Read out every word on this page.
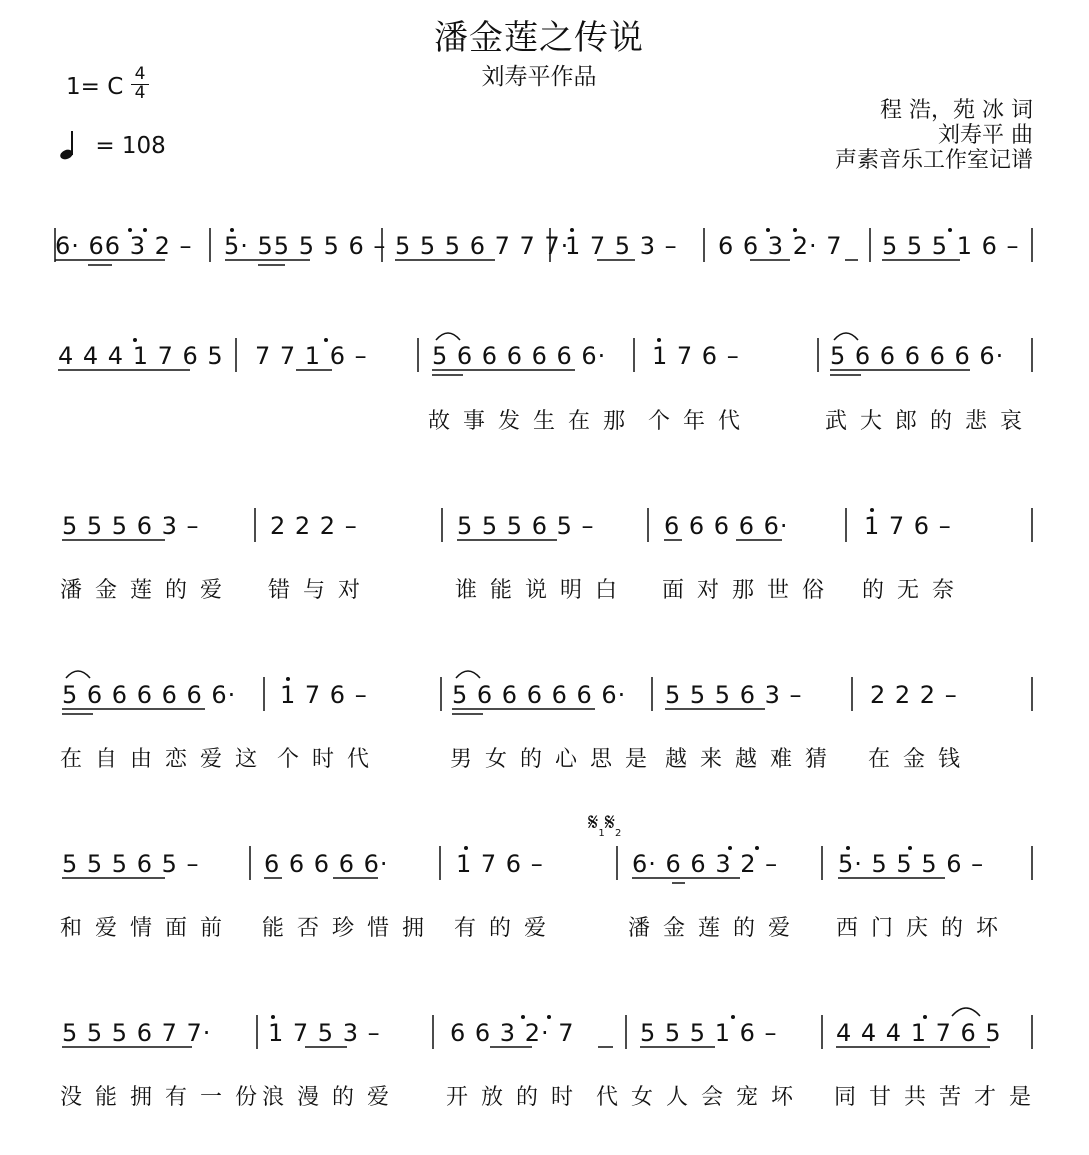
潘金莲之传说
刘寿平作品
1= C $\frac{4}{4}$
= 108
程 浩，苑 冰 词
刘寿平 曲
声素音乐工作室记谱
$𝄋_1𝄋_2$
6· 66 3 2 – 5· 55 5 5 6 – 5 5 5 6 7 7 7·
1 7 5 3 – 6 6 3 2· 7 5 5 5 1 6 –
4 4 4 1 7 6 5 7 7 1 6 –	5 6 6 6 6 6 6· 1 7 6 –	5 6 6 6 6 6 6·
故 事 发 生 在 那 个 年 代	武 大 郎 的 悲 哀
5 5 5 6 3 –	2 2 2 –	5 5 5 6 5 –	6 6 6 6 6·	1 7 6 –
潘 金 莲 的 爱 错 与 对	谁 能 说 明 白 面 对 那 世 俗 的 无 奈
5 6 6 6 6 6 6· 1 7 6 –	5 6 6 6 6 6 6· 5 5 5 6 3 –	2 2 2 –
在 自 由 恋 爱 这 个 时 代	男 女 的 心 思 是 越 来 越 难 猜 在 金 钱
5 5 5 6 5 –	6 6 6 6 6·	1 7 6 –	6· 6 6 3 2 – 5· 5 5 5 6 –
和 爱 情 面 前 能 否 珍 惜 拥 有 的 爱	潘 金 莲 的 爱 西 门 庆 的 坏
5 5 5 6 7 7· 1 7 5 3 –	6 6 3 2· 7	5 5 5 1 6 – 4 4 4 1 7 6 5
没 能 拥 有 一 份 浪 漫 的 爱 开 放 的 时 代 女 人 会 宠 坏 同 甘 共 苦 才 是
